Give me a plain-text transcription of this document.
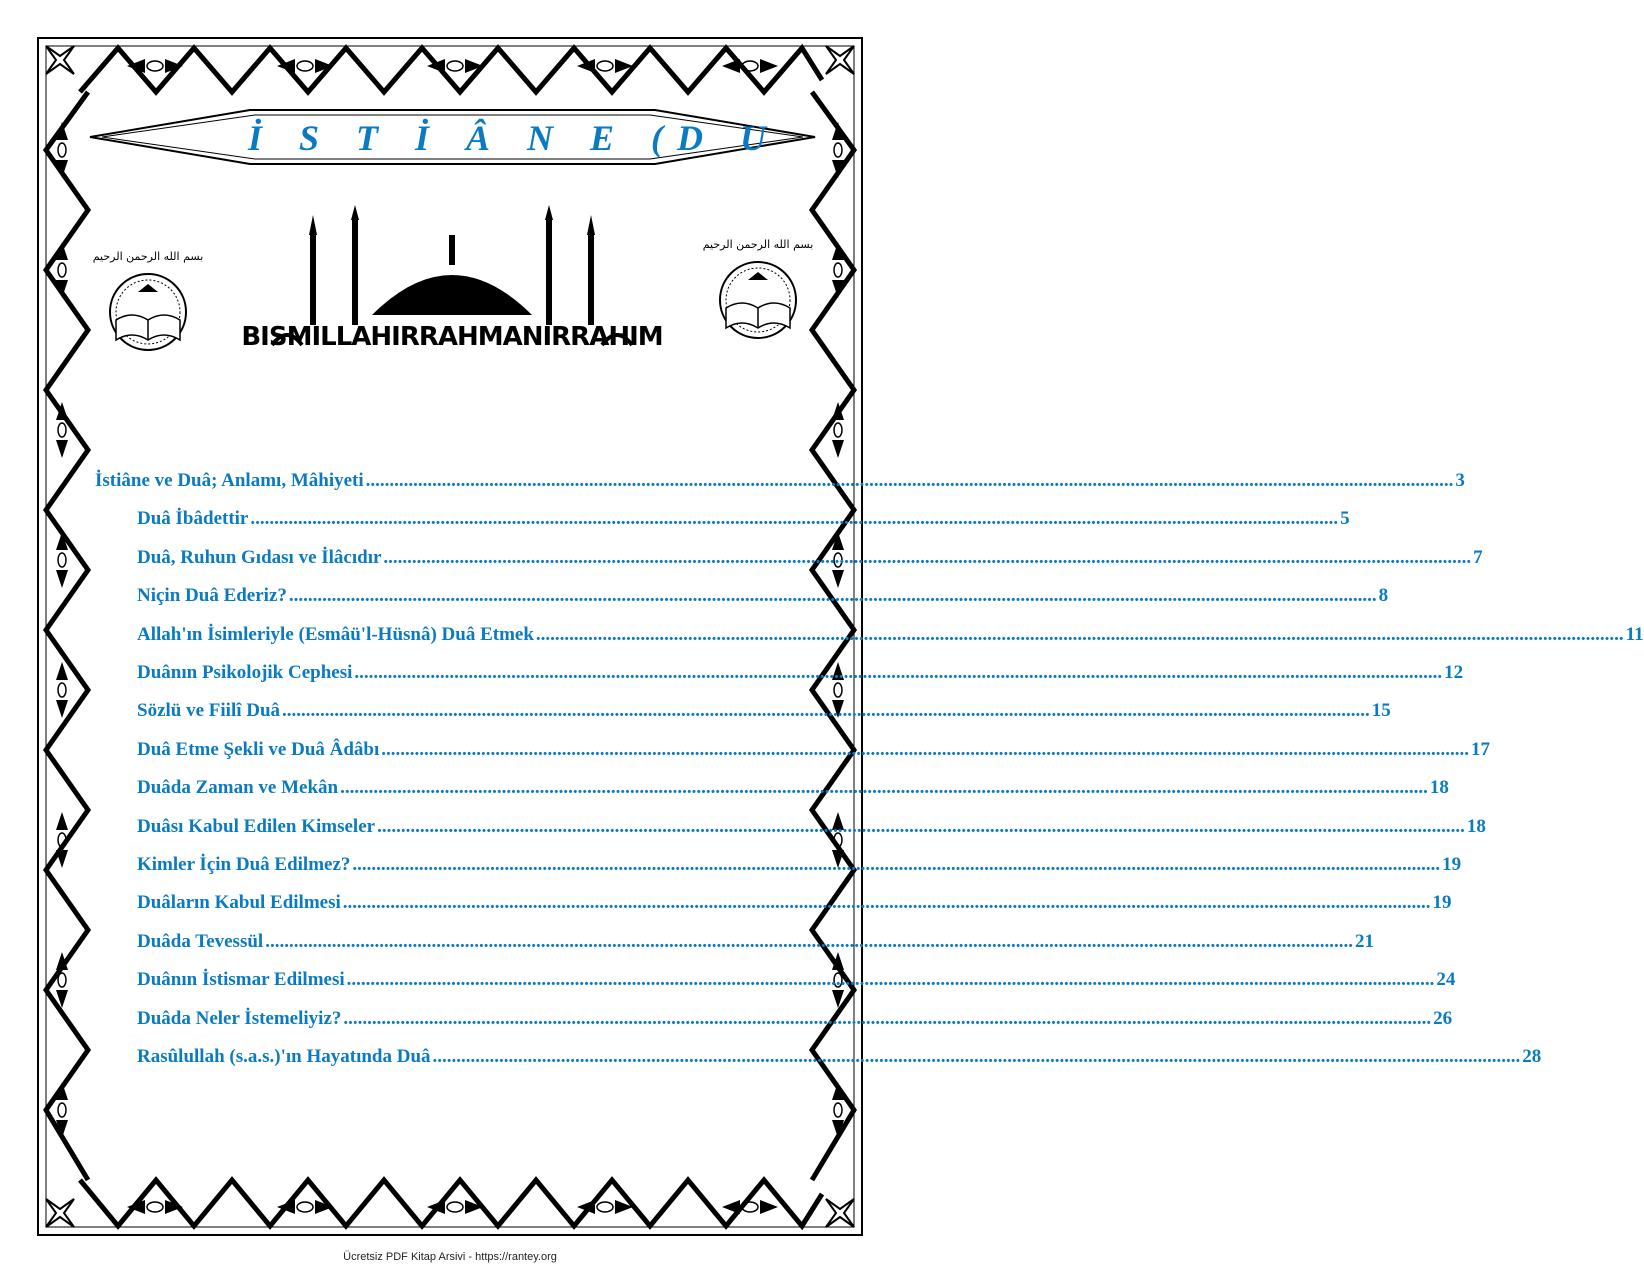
İ S T İ Â N E (D U
بسم الله الرحمن الرحيم
بسم الله الرحمن الرحيم
BISMILLAHIRRAHMANIRRAHIM
İstiâne ve Duâ; Anlamı, Mâhiyeti .....	3
Duâ İbâdettir .....	5
Duâ, Ruhun Gıdası ve İlâcıdır .....	7
Niçin Duâ Ederiz? .....	8
Allah'ın İsimleriyle (Esmâü'l-Hüsnâ) Duâ Etmek .....	11
Duânın Psikolojik Cephesi .....	12
Sözlü ve Fiilî Duâ .....	15
Duâ Etme Şekli ve Duâ Âdâbı .....	17
Duâda Zaman ve Mekân .....	18
Duâsı Kabul Edilen Kimseler .....	18
Kimler İçin Duâ Edilmez? .....	19
Duâların Kabul Edilmesi .....	19
Duâda Tevessül .....	21
Duânın İstismar Edilmesi .....	24
Duâda Neler İstemeliyiz? .....	26
Rasûlullah (s.a.s.)'ın Hayatında Duâ .....	28
Ücretsiz PDF Kitap Arsivi - https://rantey.org
